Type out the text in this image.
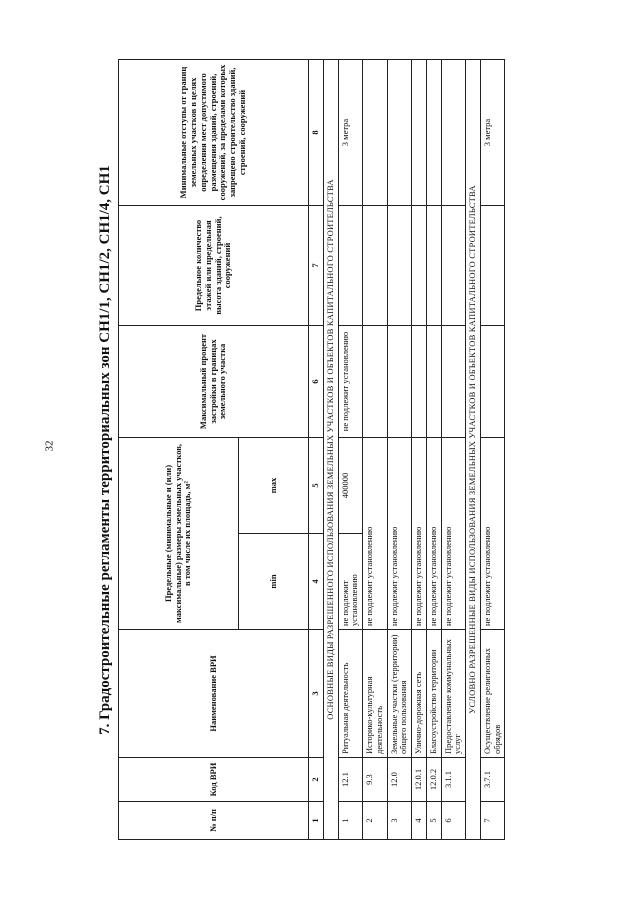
32	7. Градостроительные регламенты территориальных зон СН1/1, СН1/2, СН1/4, СН1
№ п/п	Код ВРИ	Наименование ВРИ	Предельные (минимальные и (или) максимальные) размеры земельных участков, в том числе их площадь, м²		Максимальный процент застройки в границах земельного участка	Предельное количество этажей или предельная высота зданий, строений, сооружений	Минимальные отступы от границ земельных участков в целях определения мест допустимого размещения зданий, строений, сооружений, за пределами которых запрещено строительство зданий, строений, сооружений
			min	max			
1	2	3	4	5	6	7	8
ОСНОВНЫЕ ВИДЫ РАЗРЕШЕННОГО ИСПОЛЬЗОВАНИЯ ЗЕМЕЛЬНЫХ УЧАСТКОВ И ОБЪЕКТОВ КАПИТАЛЬНОГО СТРОИТЕЛЬСТВА							
1	12.1	Ритуальная деятельность	не подлежит установлению	400000	не подлежит установлению		3 метра
2	9.3	Историко-культурная деятельность	не подлежит установлению				
3	12.0	Земельные участки (территории) общего пользования	не подлежит установлению				
4	12.0.1	Улично-дорожная сеть	не подлежит установлению				
5	12.0.2	Благоустройство территории	не подлежит установлению				
6	3.1.1	Предоставление коммунальных услуг	не подлежит установлению				
УСЛОВНО РАЗРЕШЕННЫЕ ВИДЫ ИСПОЛЬЗОВАНИЯ ЗЕМЕЛЬНЫХ УЧАСТКОВ И ОБЪЕКТОВ КАПИТАЛЬНОГО СТРОИТЕЛЬСТВА							
7	3.7.1	Осуществление религиозных обрядов	не подлежит установлению				3 метра
